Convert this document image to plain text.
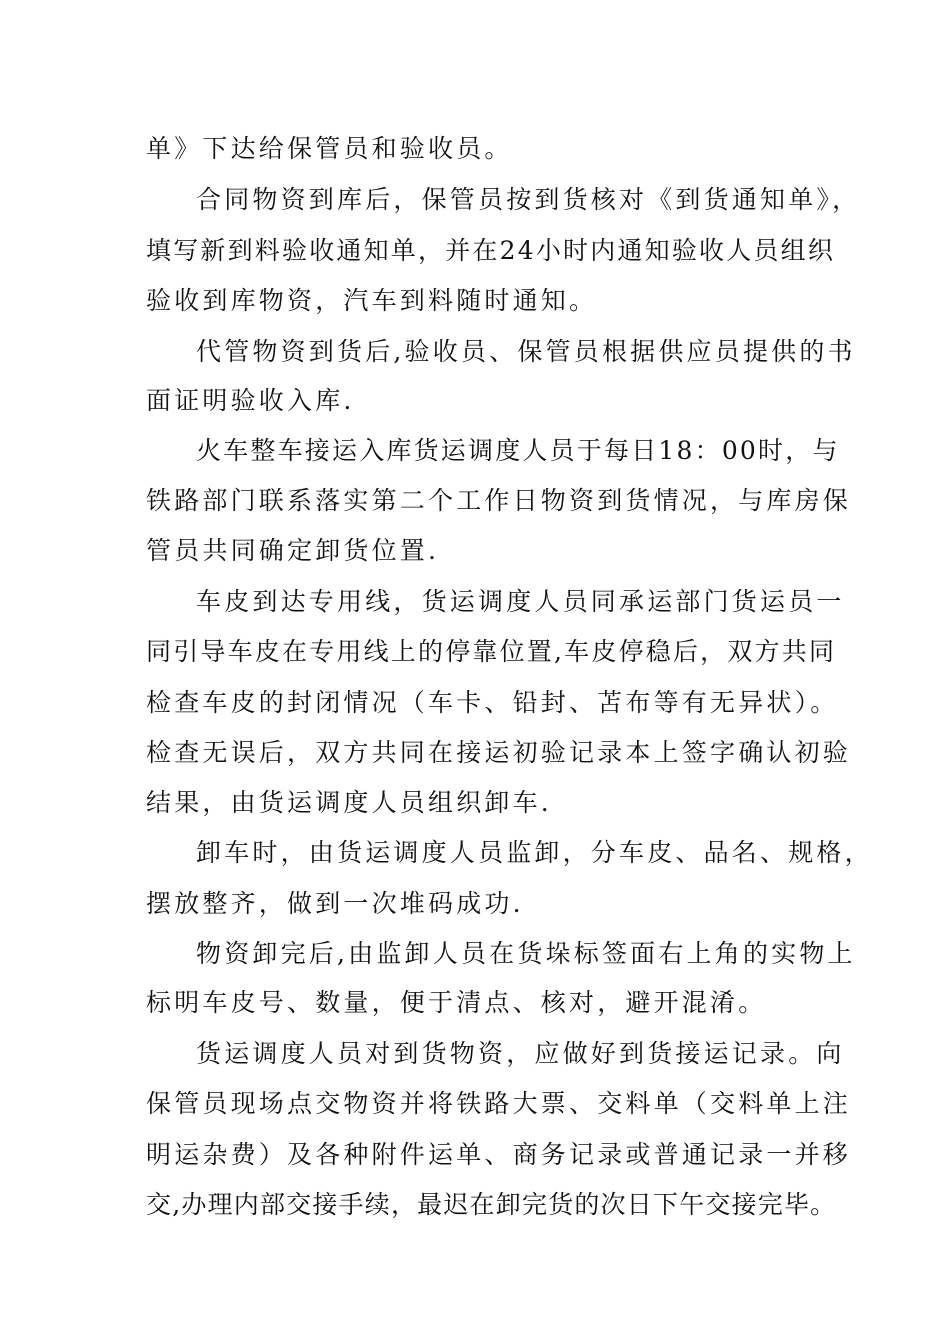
单》下达给保管员和验收员。
合同物资到库后，保管员按到货核对《到货通知单》，
填写新到料验收通知单，并在24小时内通知验收人员组织
验收到库物资，汽车到料随时通知。
代管物资到货后,验收员、保管员根据供应员提供的书
面证明验收入库.
火车整车接运入库货运调度人员于每日18：00时，与
铁路部门联系落实第二个工作日物资到货情况，与库房保
管员共同确定卸货位置.
车皮到达专用线，货运调度人员同承运部门货运员一
同引导车皮在专用线上的停靠位置,车皮停稳后，双方共同
检查车皮的封闭情况（车卡、铅封、苫布等有无异状）。
检查无误后，双方共同在接运初验记录本上签字确认初验
结果，由货运调度人员组织卸车.
卸车时，由货运调度人员监卸，分车皮、品名、规格，
摆放整齐，做到一次堆码成功.
物资卸完后,由监卸人员在货垛标签面右上角的实物上
标明车皮号、数量，便于清点、核对，避开混淆。
货运调度人员对到货物资，应做好到货接运记录。向
保管员现场点交物资并将铁路大票、交料单（交料单上注
明运杂费）及各种附件运单、商务记录或普通记录一并移
交,办理内部交接手续，最迟在卸完货的次日下午交接完毕。
